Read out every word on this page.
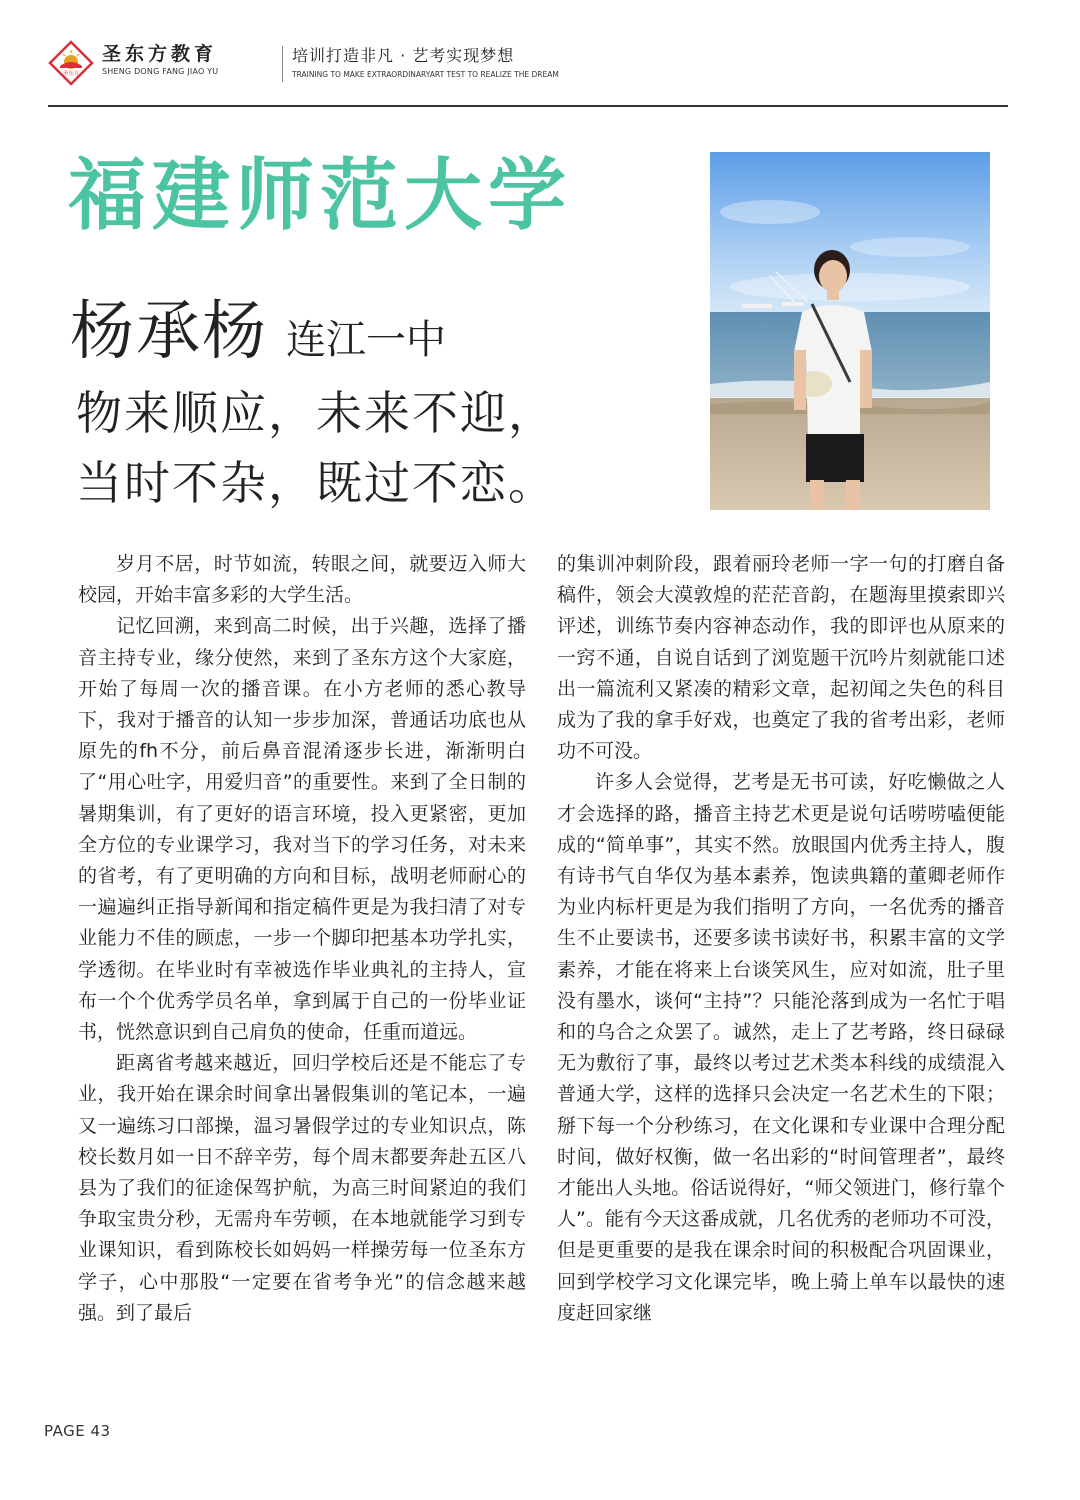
圣东方
圣东方教育
SHENG DONG FANG JIAO YU
培训打造非凡 · 艺考实现梦想
TRAINING TO MAKE EXTRAORDINARYART TEST TO REALIZE THE DREAM
福建师范大学
杨承杨 连江一中
物来顺应，未来不迎，
当时不杂，既过不恋。

岁月不居，时节如流，转眼之间，就要迈入师大校园，开始丰富多彩的大学生活。

记忆回溯，来到高二时候，出于兴趣，选择了播音主持专业，缘分使然，来到了圣东方这个大家庭，开始了每周一次的播音课。在小方老师的悉心教导下，我对于播音的认知一步步加深，普通话功底也从原先的fh不分，前后鼻音混淆逐步长进，渐渐明白了“用心吐字，用爱归音”的重要性。来到了全日制的暑期集训，有了更好的语言环境，投入更紧密，更加全方位的专业课学习，我对当下的学习任务，对未来的省考，有了更明确的方向和目标，战明老师耐心的一遍遍纠正指导新闻和指定稿件更是为我扫清了对专业能力不佳的顾虑，一步一个脚印把基本功学扎实，学透彻。在毕业时有幸被选作毕业典礼的主持人，宣布一个个优秀学员名单，拿到属于自己的一份毕业证书，恍然意识到自己肩负的使命，任重而道远。

距离省考越来越近，回归学校后还是不能忘了专业，我开始在课余时间拿出暑假集训的笔记本，一遍又一遍练习口部操，温习暑假学过的专业知识点，陈校长数月如一日不辞辛劳，每个周末都要奔赴五区八县为了我们的征途保驾护航，为高三时间紧迫的我们争取宝贵分秒，无需舟车劳顿，在本地就能学习到专业课知识，看到陈校长如妈妈一样操劳每一位圣东方学子，心中那股“一定要在省考争光”的信念越来越强。到了最后

的集训冲刺阶段，跟着丽玲老师一字一句的打磨自备稿件，领会大漠敦煌的茫茫音韵，在题海里摸索即兴评述，训练节奏内容神态动作，我的即评也从原来的一窍不通，自说自话到了浏览题干沉吟片刻就能口述出一篇流利又紧凑的精彩文章，起初闻之失色的科目成为了我的拿手好戏，也奠定了我的省考出彩，老师功不可没。

许多人会觉得，艺考是无书可读，好吃懒做之人才会选择的路，播音主持艺术更是说句话唠唠嗑便能成的“简单事”，其实不然。放眼国内优秀主持人，腹有诗书气自华仅为基本素养，饱读典籍的董卿老师作为业内标杆更是为我们指明了方向，一名优秀的播音生不止要读书，还要多读书读好书，积累丰富的文学素养，才能在将来上台谈笑风生，应对如流，肚子里没有墨水，谈何“主持”？只能沦落到成为一名忙于唱和的乌合之众罢了。诚然，走上了艺考路，终日碌碌无为敷衍了事，最终以考过艺术类本科线的成绩混入普通大学，这样的选择只会决定一名艺术生的下限；掰下每一个分秒练习，在文化课和专业课中合理分配时间，做好权衡，做一名出彩的“时间管理者”，最终才能出人头地。俗话说得好，“师父领进门，修行靠个人”。能有今天这番成就，几名优秀的老师功不可没，但是更重要的是我在课余时间的积极配合巩固课业，回到学校学习文化课完毕，晚上骑上单车以最快的速度赶回家继

PAGE 43
